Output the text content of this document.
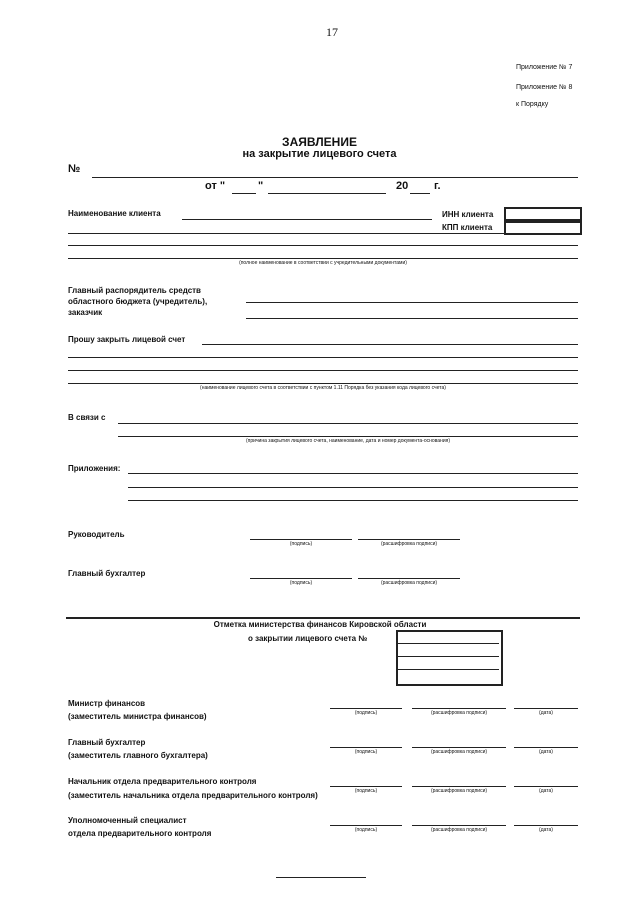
17
Приложение № 7
Приложение № 8
к Порядку
ЗАЯВЛЕНИЕ
на закрытие лицевого счета
№
от "	"	20 г.
Наименование клиента	ИНН клиента
КПП клиента
(полное наименование в соответствии с учредительными документами)
Главный распорядитель средств
областного бюджета (учредитель),
заказчик
Прошу закрыть лицевой счет
(наименование лицевого счета в соответствии с пунктом 1.11 Порядка без указания кода лицевого счета)
В связи с
(причина закрытия лицевого счета, наименование, дата и номер документа-основания)
Приложения:
Руководитель
(подпись)	(расшифровка подписи)
Главный бухгалтер
(подпись)	(расшифровка подписи)
Отметка министерства финансов Кировской области
о закрытии лицевого счета №
Министр финансов
(заместитель министра финансов)	(подпись)	(расшифровка подписи)	(дата)
Главный бухгалтер
(заместитель главного бухгалтера)	(подпись)	(расшифровка подписи)	(дата)
Начальник отдела предварительного контроля
(заместитель начальника отдела предварительного контроля)	(подпись)	(расшифровка подписи)	(дата)
Уполномоченный специалист
отдела предварительного контроля	(подпись)	(расшифровка подписи)	(дата)
